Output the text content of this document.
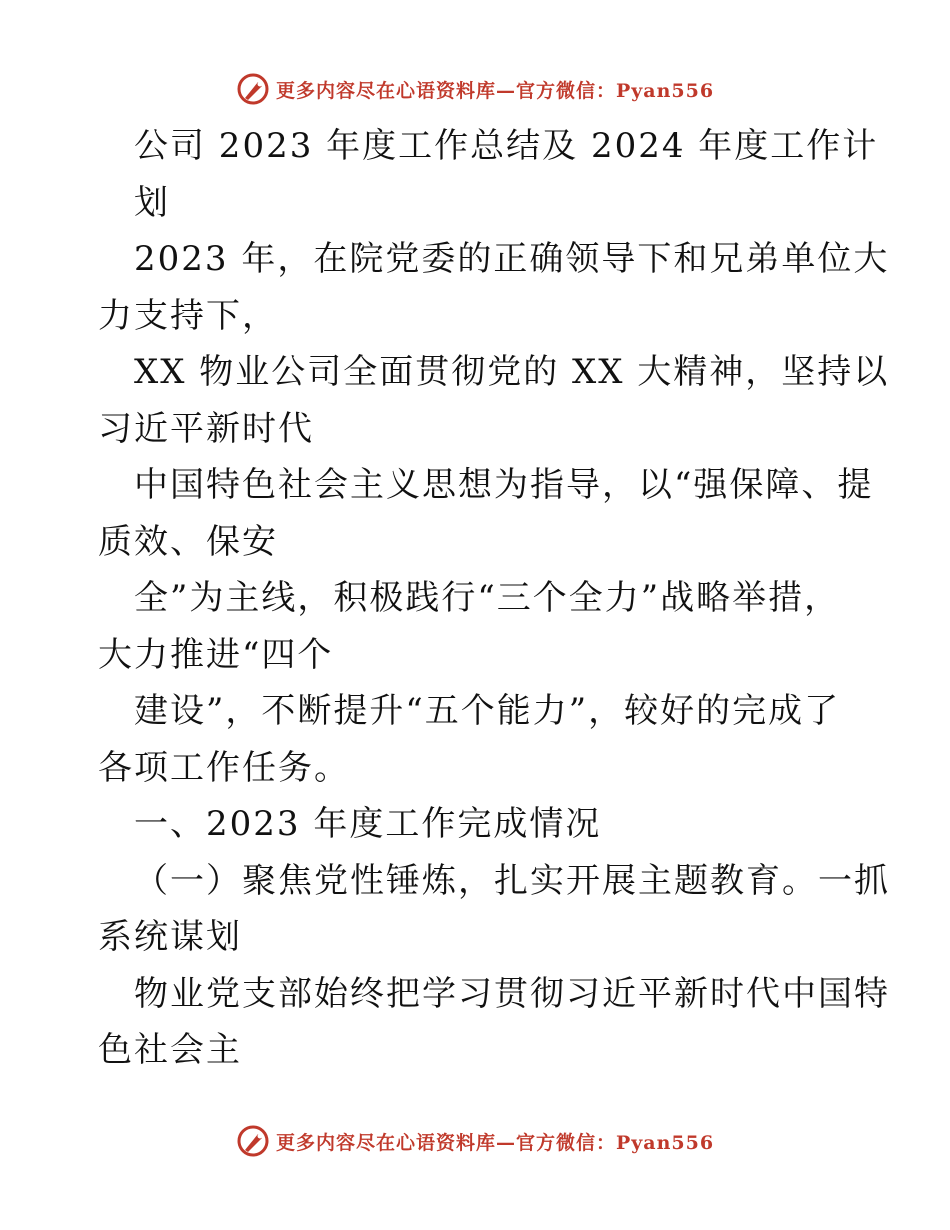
更多内容尽在心语资料库—官方微信：Pyan556
公司 2023 年度工作总结及 2024 年度工作计
划
2023 年，在院党委的正确领导下和兄弟单位大
力支持下，
XX 物业公司全面贯彻党的 XX 大精神，坚持以
习近平新时代
中国特色社会主义思想为指导，以“强保障、提
质效、保安
全”为主线，积极践行“三个全力”战略举措，
大力推进“四个
建设”，不断提升“五个能力”，较好的完成了
各项工作任务。
一、2023 年度工作完成情况
（一）聚焦党性锤炼，扎实开展主题教育。一抓
系统谋划
物业党支部始终把学习贯彻习近平新时代中国特
色社会主
更多内容尽在心语资料库—官方微信：Pyan556
